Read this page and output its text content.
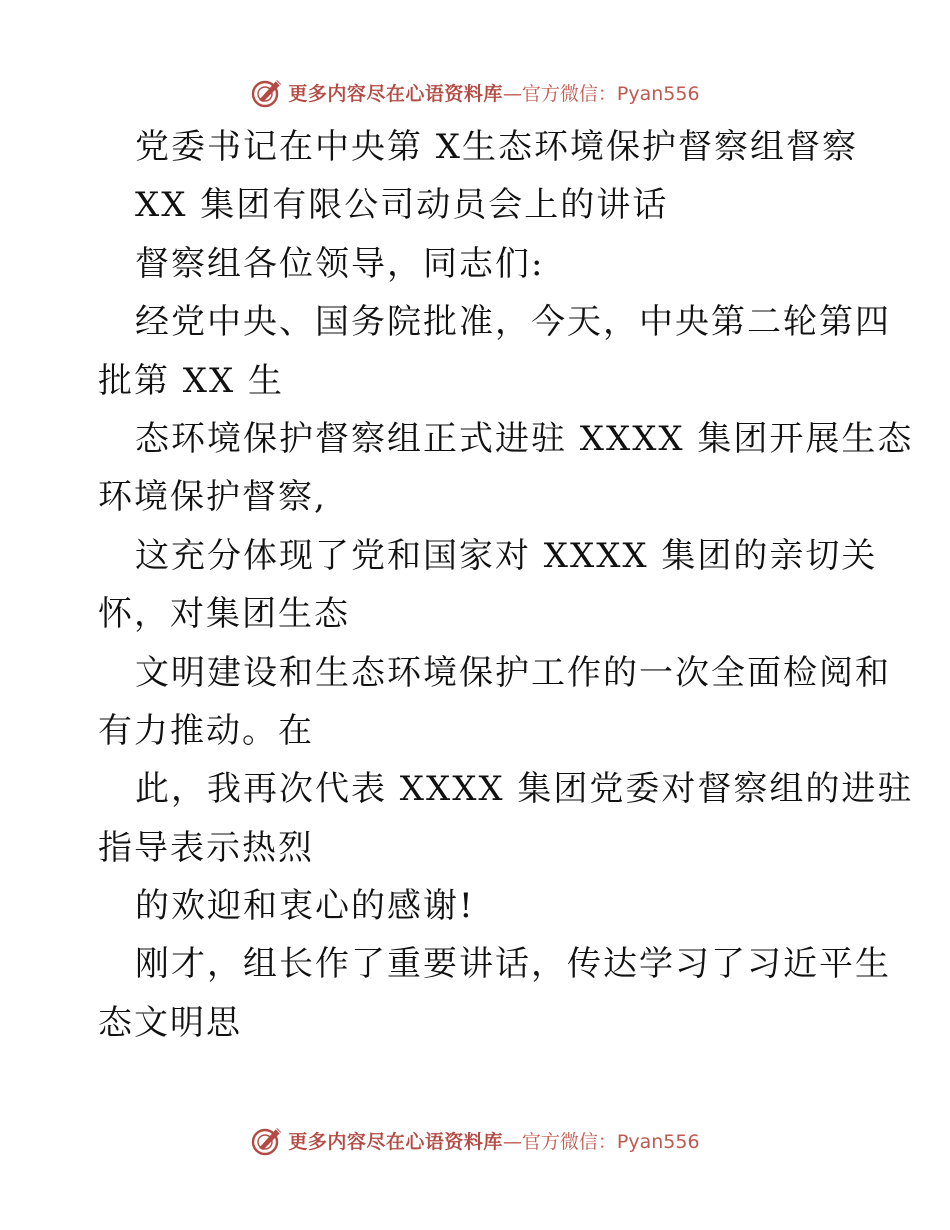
更多内容尽在心语资料库 —官方微信：Pyan556
党委书记在中央第 X生态环境保护督察组督察
XX 集团有限公司动员会上的讲话
督察组各位领导，同志们:
经党中央、国务院批准，今天，中央第二轮第四
批第 XX 生
态环境保护督察组正式进驻 XXXX 集团开展生态
环境保护督察,
这充分体现了党和国家对 XXXX 集团的亲切关
怀，对集团生态
文明建设和生态环境保护工作的一次全面检阅和
有力推动。在
此，我再次代表 XXXX 集团党委对督察组的进驻
指导表示热烈
的欢迎和衷心的感谢!
刚才，组长作了重要讲话，传达学习了习近平生
态文明思
更多内容尽在心语资料库 —官方微信：Pyan556
